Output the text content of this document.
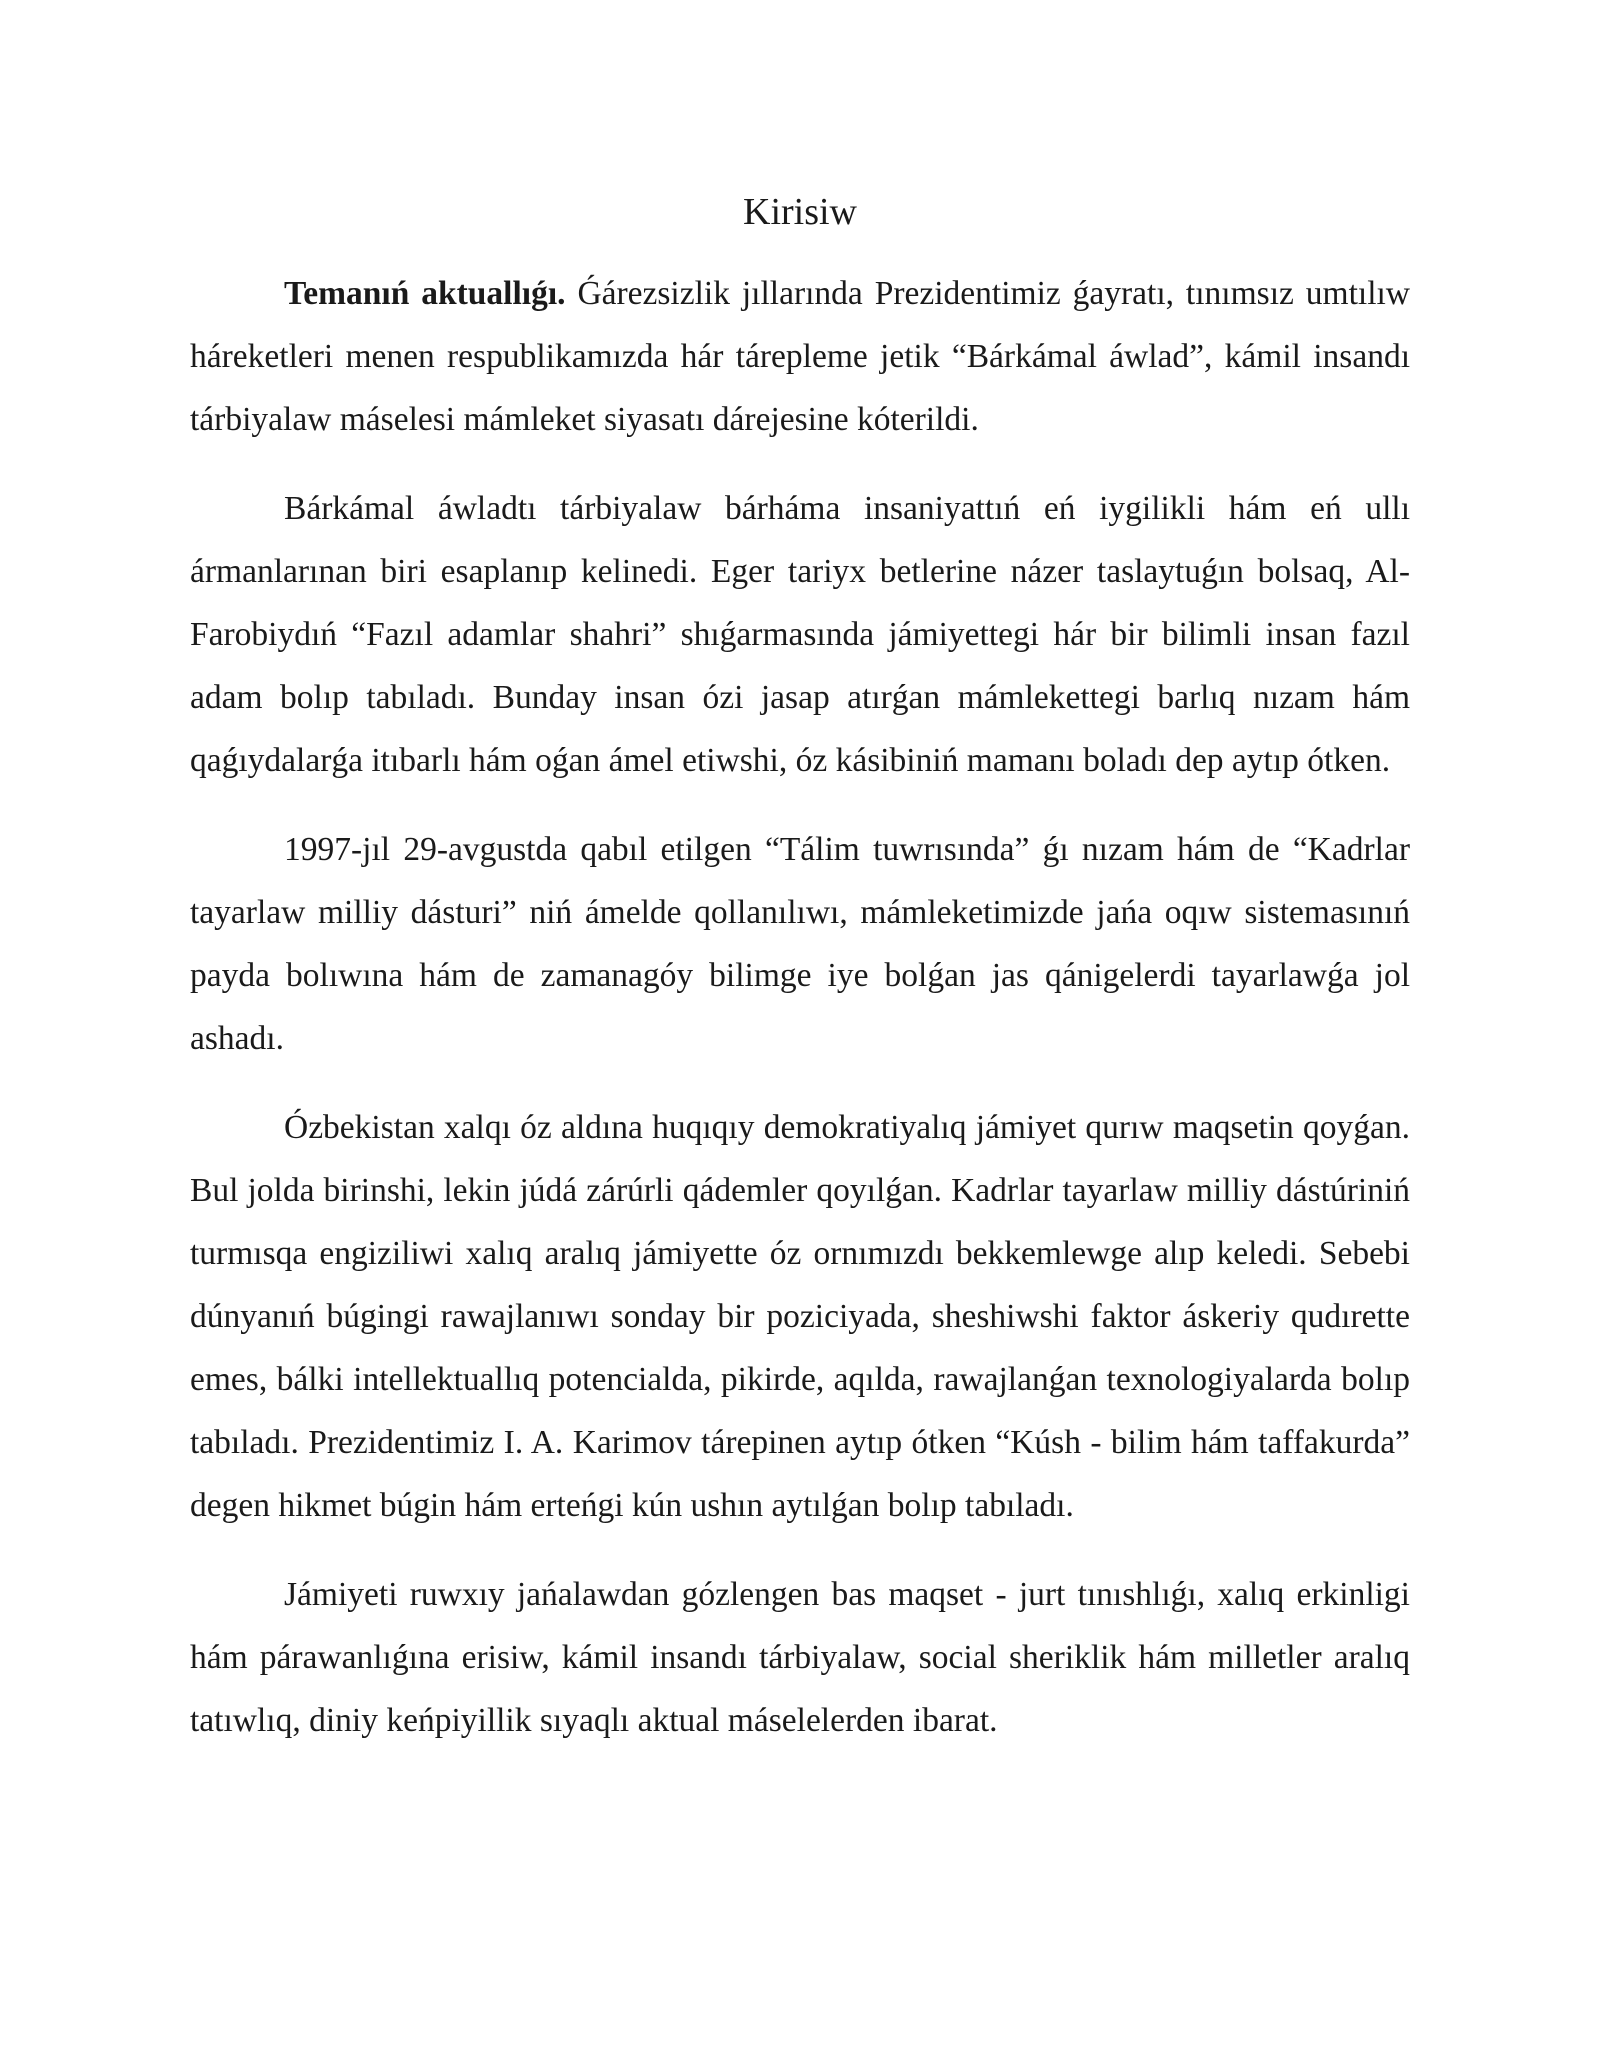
Kirisiw

Temanıń aktuallıǵı. Ǵárezsizlik jıllarında Prezidentimiz ǵayratı, tınımsız umtılıw háreketleri menen respublikamızda hár tárepleme jetik “Bárkámal áwlad”, kámil insandı tárbiyalaw máselesi mámleket siyasatı dárejesine kóterildi.

Bárkámal áwladtı tárbiyalaw bárháma insaniyattıń eń iygilikli hám eń ullı ármanlarınan biri esaplanıp kelinedi. Eger tariyx betlerine názer taslaytuǵın bolsaq, Al-Farobiydıń “Fazıl adamlar shahri” shıǵarmasında jámiyettegi hár bir bilimli insan fazıl adam bolıp tabıladı. Bunday insan ózi jasap atırǵan mámlekettegi barlıq nızam hám qaǵıydalarǵa itıbarlı hám oǵan ámel etiwshi, óz kásibiniń mamanı boladı dep aytıp ótken.

1997-jıl 29-avgustda qabıl etilgen “Tálim tuwrısında” ǵı nızam hám de “Kadrlar tayarlaw milliy dásturi” niń ámelde qollanılıwı, mámleketimizde jańa oqıw sistemasınıń payda bolıwına hám de zamanagóy bilimge iye bolǵan jas qánigelerdi tayarlawǵa jol ashadı.

Ózbekistan xalqı óz aldına huqıqıy demokratiyalıq jámiyet qurıw maqsetin qoyǵan. Bul jolda birinshi, lekin júdá zárúrli qádemler qoyılǵan. Kadrlar tayarlaw milliy dástúriniń turmısqa engiziliwi xalıq aralıq jámiyette óz ornımızdı bekkemlewge alıp keledi. Sebebi dúnyanıń búgingi rawajlanıwı sonday bir poziciyada, sheshiwshi faktor áskeriy qudırette emes, bálki intellektuallıq potencialda, pikirde, aqılda, rawajlanǵan texnologiyalarda bolıp tabıladı. Prezidentimiz I. A. Karimov tárepinen aytıp ótken “Kúsh - bilim hám taffakurda” degen hikmet búgin hám erteńgi kún ushın aytılǵan bolıp tabıladı.

Jámiyeti ruwxıy jańalawdan gózlengen bas maqset - jurt tınıshlıǵı, xalıq erkinligi hám párawanlıǵına erisiw, kámil insandı tárbiyalaw, social sheriklik hám milletler aralıq tatıwlıq, diniy keńpiyillik sıyaqlı aktual máselelerden ibarat.
